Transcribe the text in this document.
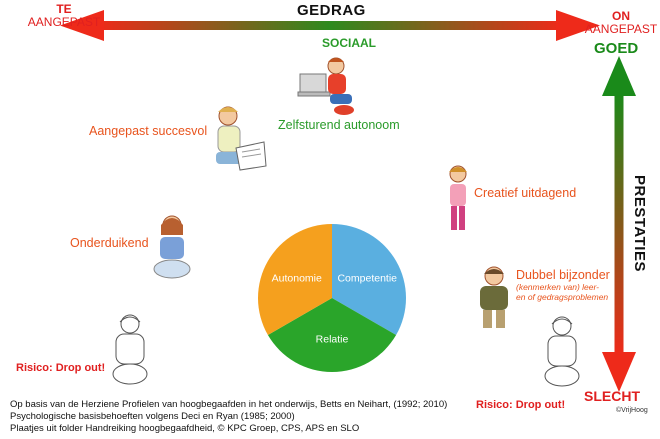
GEDRAG
TE
AANGEPAST	ON
AANGEPAST
GOED
SLECHT
PRESTATIES
SOCIAAL
Zelfsturend autonoom
Aangepast succesvol
Creatief uitdagend
Onderduikend
Dubbel bijzonder
(kenmerken van) leer-
en of gedragsproblemen
Risico: Drop out!
Risico: Drop out!
Competentie
Relatie
Autonomie
Op basis van de Herziene Profielen van hoogbegaafden in het onderwijs, Betts en Neihart, (1992; 2010)
Psychologische basisbehoeften volgens Deci en Ryan (1985; 2000)
Plaatjes uit folder Handreiking hoogbegaafdheid, © KPC Groep, CPS, APS en SLO
©VrijHoog
